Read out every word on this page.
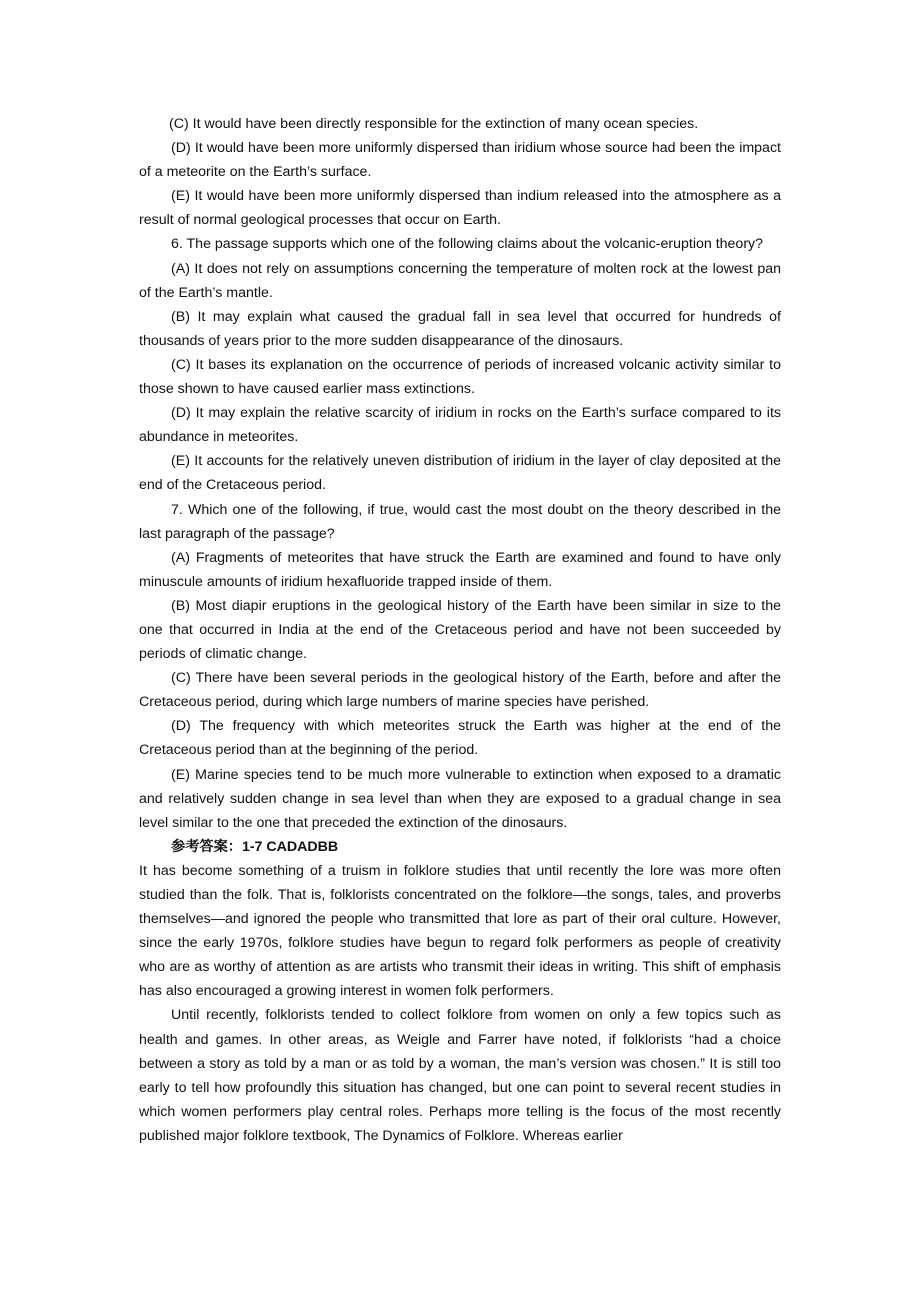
(C) It would have been directly responsible for the extinction of many ocean species.

(D) It would have been more uniformly dispersed than iridium whose source had been the impact of a meteorite on the Earth’s surface.

(E) It would have been more uniformly dispersed than indium released into the atmosphere as a result of normal geological processes that occur on Earth.

6. The passage supports which one of the following claims about the volcanic-eruption theory?

(A) It does not rely on assumptions concerning the temperature of molten rock at the lowest pan of the Earth’s mantle.

(B) It may explain what caused the gradual fall in sea level that occurred for hundreds of thousands of years prior to the more sudden disappearance of the dinosaurs.

(C) It bases its explanation on the occurrence of periods of increased volcanic activity similar to those shown to have caused earlier mass extinctions.

(D) It may explain the relative scarcity of iridium in rocks on the Earth’s surface compared to its abundance in meteorites.

(E) It accounts for the relatively uneven distribution of iridium in the layer of clay deposited at the end of the Cretaceous period.

7. Which one of the following, if true, would cast the most doubt on the theory described in the last paragraph of the passage?

(A) Fragments of meteorites that have struck the Earth are examined and found to have only minuscule amounts of iridium hexafluoride trapped inside of them.

(B) Most diapir eruptions in the geological history of the Earth have been similar in size to the one that occurred in India at the end of the Cretaceous period and have not been succeeded by periods of climatic change.

(C) There have been several periods in the geological history of the Earth, before and after the Cretaceous period, during which large numbers of marine species have perished.

(D) The frequency with which meteorites struck the Earth was higher at the end of the Cretaceous period than at the beginning of the period.

(E) Marine species tend to be much more vulnerable to extinction when exposed to a dramatic and relatively sudden change in sea level than when they are exposed to a gradual change in sea level similar to the one that preceded the extinction of the dinosaurs.

参考答案：1-7 CADADBB

It has become something of a truism in folklore studies that until recently the lore was more often studied than the folk. That is, folklorists concentrated on the folklore—the songs, tales, and proverbs themselves—and ignored the people who transmitted that lore as part of their oral culture. However, since the early 1970s, folklore studies have begun to regard folk performers as people of creativity who are as worthy of attention as are artists who transmit their ideas in writing. This shift of emphasis has also encouraged a growing interest in women folk performers.

Until recently, folklorists tended to collect folklore from women on only a few topics such as health and games. In other areas, as Weigle and Farrer have noted, if folklorists “had a choice between a story as told by a man or as told by a woman, the man’s version was chosen.” It is still too early to tell how profoundly this situation has changed, but one can point to several recent studies in which women performers play central roles. Perhaps more telling is the focus of the most recently published major folklore textbook, The Dynamics of Folklore. Whereas earlier
